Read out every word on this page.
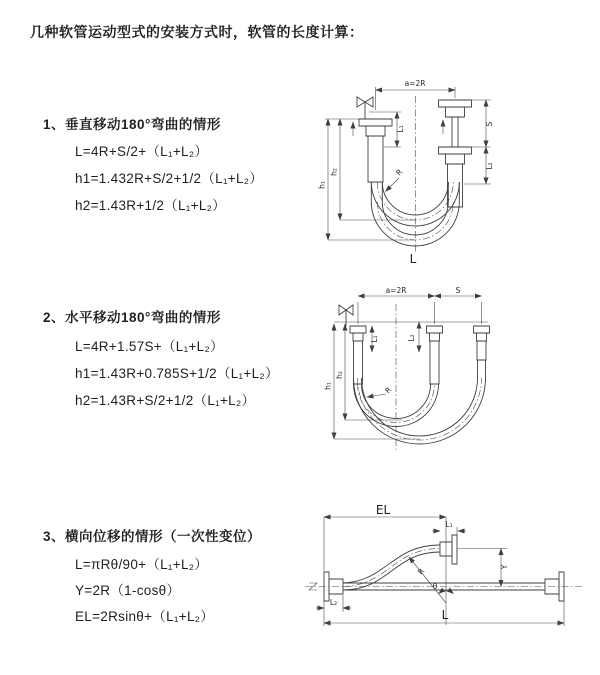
几种软管运动型式的安装方式时，软管的长度计算：
1、垂直移动180°弯曲的情形
L=4R+S/2+（L₁+L₂）
h1=1.432R+S/2+1/2（L₁+L₂）
h2=1.43R+1/2（L₁+L₂）
a=2R
L₁
S
L₂
h₂
h₁
R
L
2、水平移动180°弯曲的情形
L=4R+1.57S+（L₁+L₂）
h1=1.43R+0.785S+1/2（L₁+L₂）
h2=1.43R+S/2+1/2（L₁+L₂）
a=2R	S
L₁	L₂
h₂
h₁	R
3、横向位移的情形（一次性变位）
L=πRθ/90+（L₁+L₂）
Y=2R（1-cosθ）
EL=2Rsinθ+（L₁+L₂）
EL
L₁
Y
R
θ
L₂
L
